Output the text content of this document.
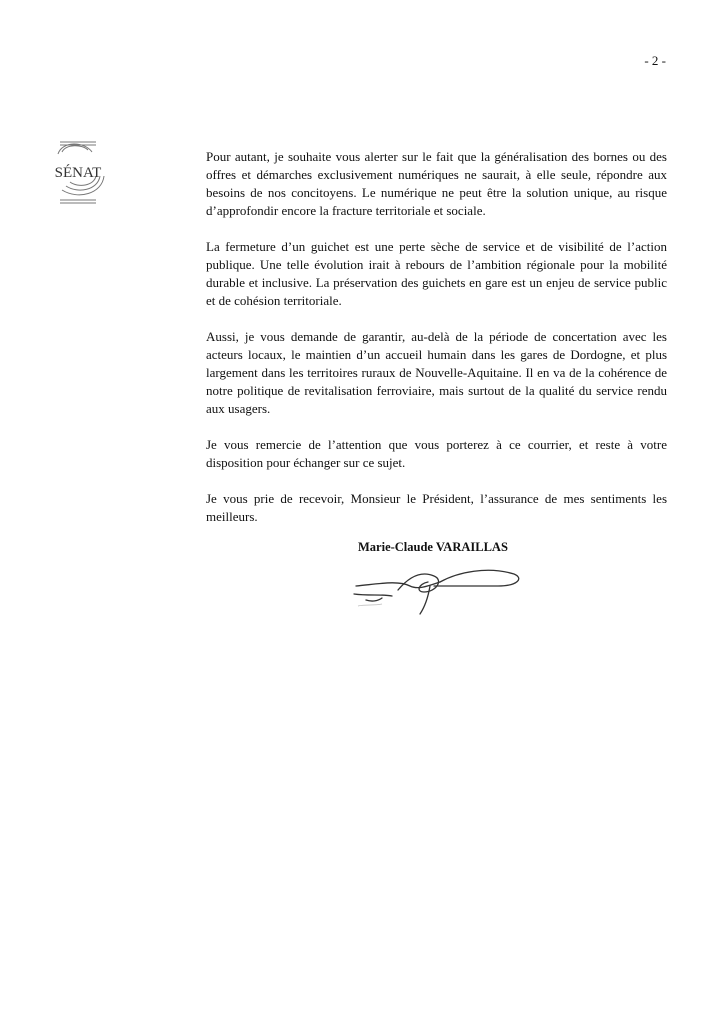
- 2 -
SÉNAT

Pour autant, je souhaite vous alerter sur le fait que la généralisation des bornes ou des offres et démarches exclusivement numériques ne saurait, à elle seule, répondre aux besoins de nos concitoyens. Le numérique ne peut être la solution unique, au risque d’approfondir encore la fracture territoriale et sociale.

La fermeture d’un guichet est une perte sèche de service et de visibilité de l’action publique. Une telle évolution irait à rebours de l’ambition régionale pour la mobilité durable et inclusive. La préservation des guichets en gare est un enjeu de service public et de cohésion territoriale.

Aussi, je vous demande de garantir, au-delà de la période de concertation avec les acteurs locaux, le maintien d’un accueil humain dans les gares de Dordogne, et plus largement dans les territoires ruraux de Nouvelle-Aquitaine. Il en va de la cohérence de notre politique de revitalisation ferroviaire, mais surtout de la qualité du service rendu aux usagers.

Je vous remercie de l’attention que vous porterez à ce courrier, et reste à votre disposition pour échanger sur ce sujet.

Je vous prie de recevoir, Monsieur le Président, l’assurance de mes sentiments les meilleurs.

Marie-Claude VARAILLAS
